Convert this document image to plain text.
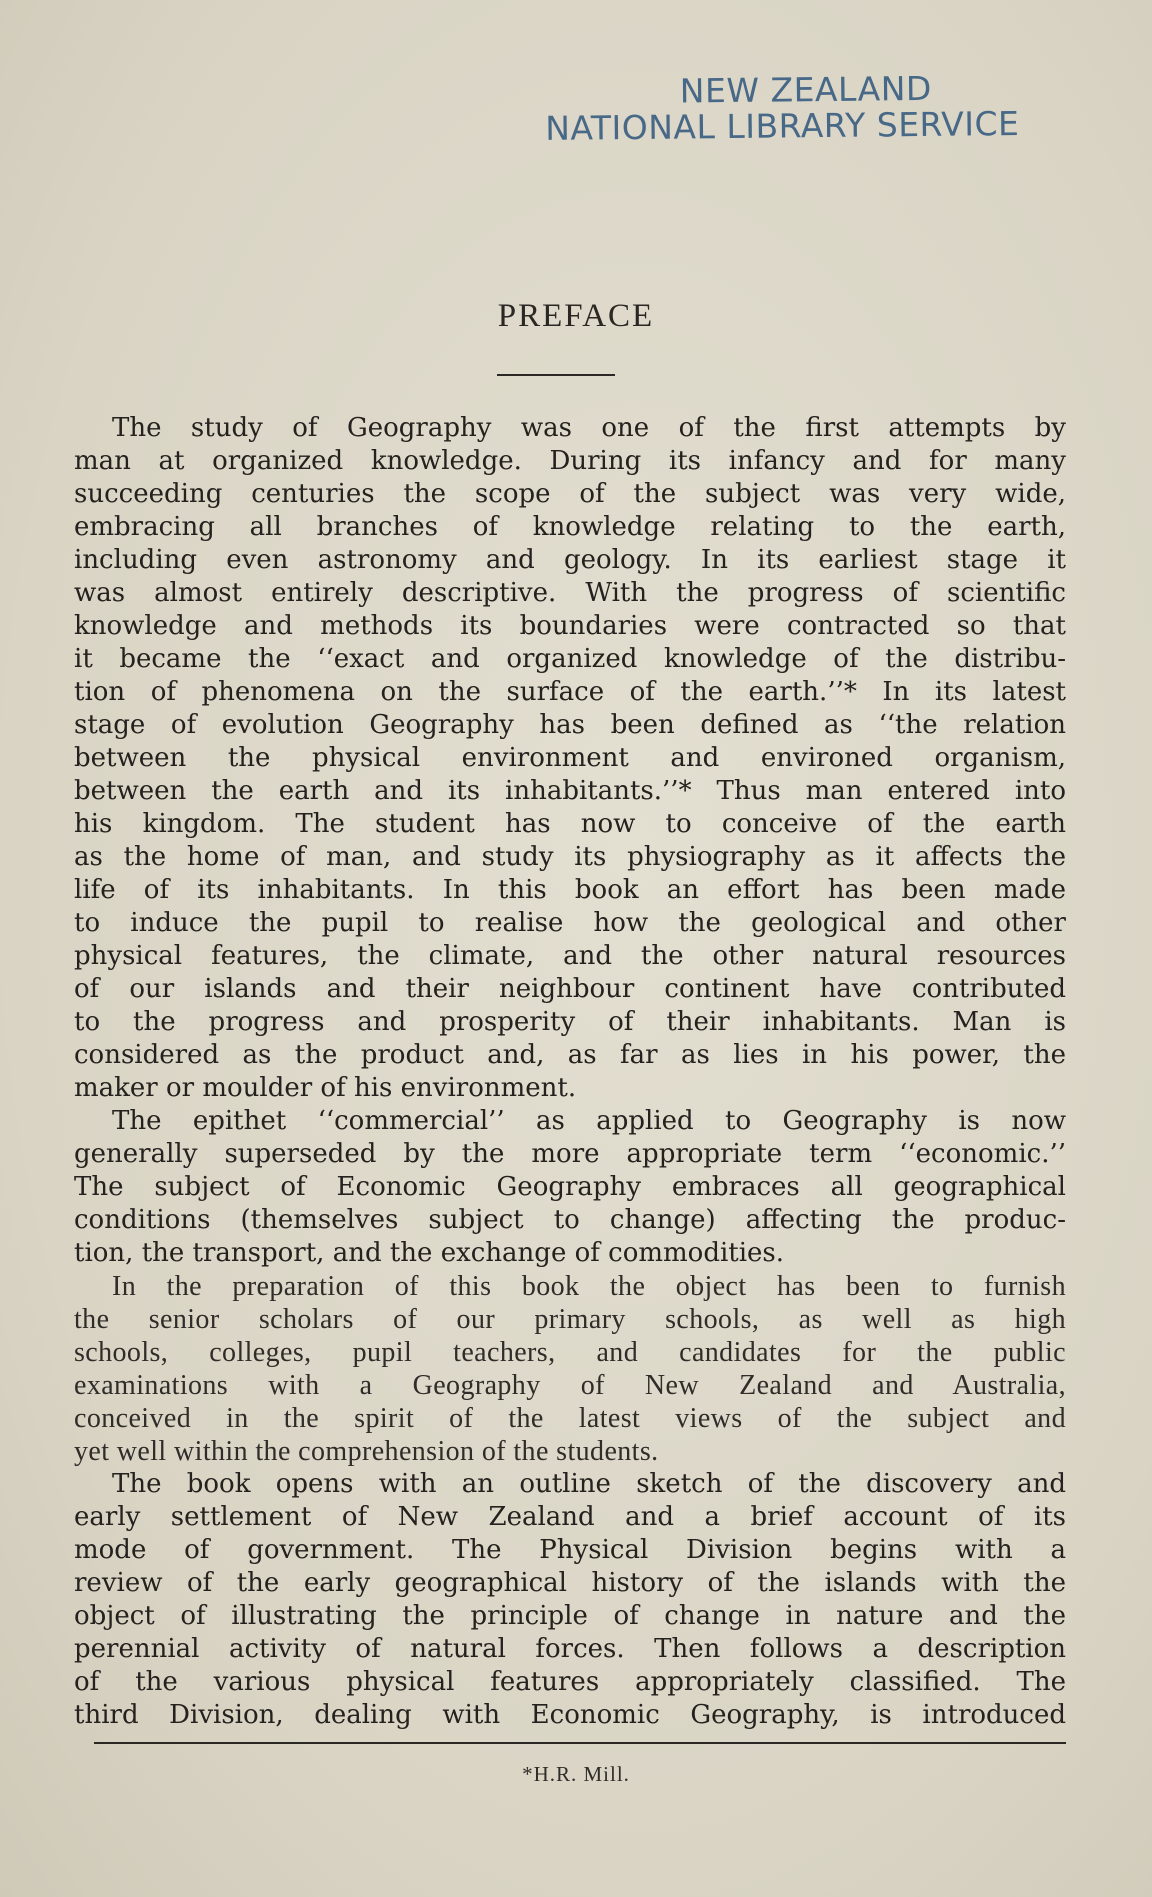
NEW ZEALAND
NATIONAL LIBRARY SERVICE
PREFACE

The study of Geography was one of the first attempts by
man at organized knowledge. During its infancy and for many
succeeding centuries the scope of the subject was very wide,
embracing all branches of knowledge relating to the earth,
including even astronomy and geology. In its earliest stage it
was almost entirely descriptive. With the progress of scientific
knowledge and methods its boundaries were contracted so that
it became the ‘‘exact and organized knowledge of the distribu-
tion of phenomena on the surface of the earth.’’* In its latest
stage of evolution Geography has been defined as ‘‘the relation
between the physical environment and environed organism,
between the earth and its inhabitants.’’* Thus man entered into
his kingdom. The student has now to conceive of the earth
as the home of man, and study its physiography as it affects the
life of its inhabitants. In this book an effort has been made
to induce the pupil to realise how the geological and other
physical features, the climate, and the other natural resources
of our islands and their neighbour continent have contributed
to the progress and prosperity of their inhabitants. Man is
considered as the product and, as far as lies in his power, the
maker or moulder of his environment.

The epithet ‘‘commercial’’ as applied to Geography is now
generally superseded by the more appropriate term ‘‘economic.’’
The subject of Economic Geography embraces all geographical
conditions (themselves subject to change) affecting the produc-
tion, the transport, and the exchange of commodities.

In the preparation of this book the object has been to furnish
the senior scholars of our primary schools, as well as high
schools, colleges, pupil teachers, and candidates for the public
examinations with a Geography of New Zealand and Australia,
conceived in the spirit of the latest views of the subject and
yet well within the comprehension of the students.

The book opens with an outline sketch of the discovery and
early settlement of New Zealand and a brief account of its
mode of government. The Physical Division begins with a
review of the early geographical history of the islands with the
object of illustrating the principle of change in nature and the
perennial activity of natural forces. Then follows a description
of the various physical features appropriately classified. The
third Division, dealing with Economic Geography, is introduced

*H.R. Mill.
